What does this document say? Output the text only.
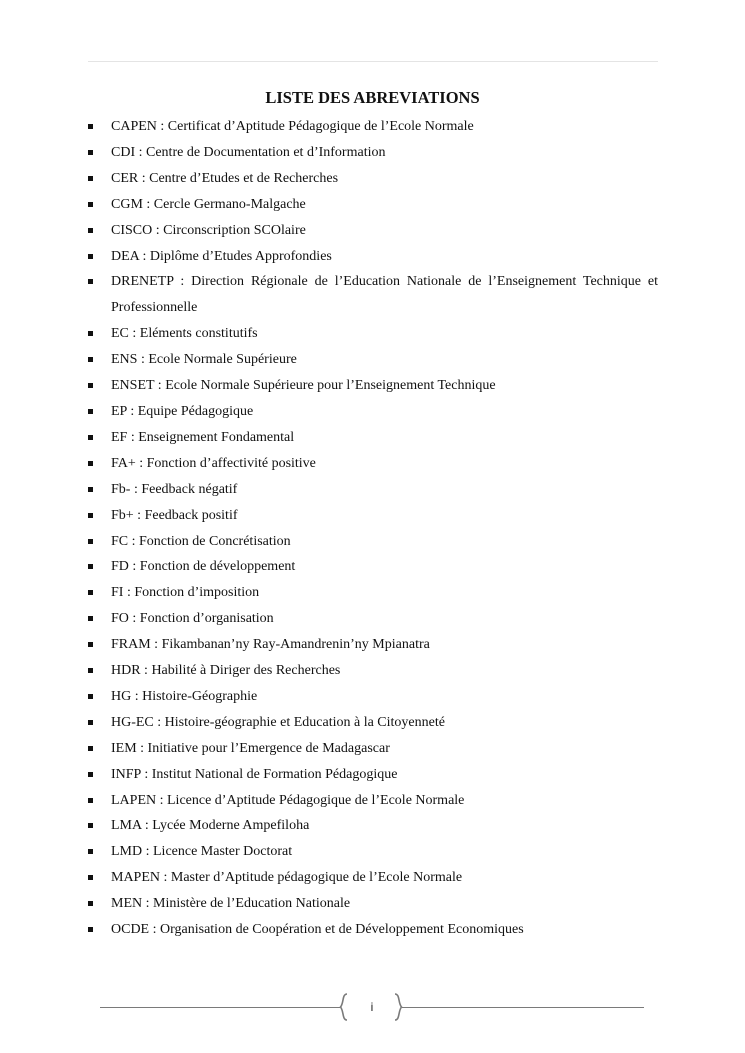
LISTE DES ABREVIATIONS
CAPEN : Certificat d’Aptitude Pédagogique de l’Ecole Normale
CDI : Centre de Documentation et d’Information
CER : Centre d’Etudes et de Recherches
CGM : Cercle Germano-Malgache
CISCO : Circonscription SCOlaire
DEA : Diplôme d’Etudes Approfondies
DRENETP : Direction Régionale de l’Education Nationale de l’Enseignement Technique et Professionnelle
EC : Eléments constitutifs
ENS : Ecole Normale Supérieure
ENSET : Ecole Normale Supérieure pour l’Enseignement Technique
EP : Equipe Pédagogique
EF : Enseignement Fondamental
FA+ : Fonction d’affectivité positive
Fb- : Feedback négatif
Fb+ : Feedback positif
FC : Fonction de Concrétisation
FD : Fonction de développement
FI : Fonction d’imposition
FO : Fonction d’organisation
FRAM : Fikambanan’ny Ray-Amandrenin’ny Mpianatra
HDR : Habilité à Diriger des Recherches
HG : Histoire-Géographie
HG-EC : Histoire-géographie et Education à la Citoyenneté
IEM : Initiative pour l’Emergence de Madagascar
INFP : Institut National de Formation Pédagogique
LAPEN : Licence d’Aptitude Pédagogique de l’Ecole Normale
LMA : Lycée Moderne Ampefiloha
LMD : Licence Master Doctorat
MAPEN : Master d’Aptitude pédagogique de l’Ecole Normale
MEN : Ministère de l’Education Nationale
OCDE : Organisation de Coopération et de Développement Economiques
i
